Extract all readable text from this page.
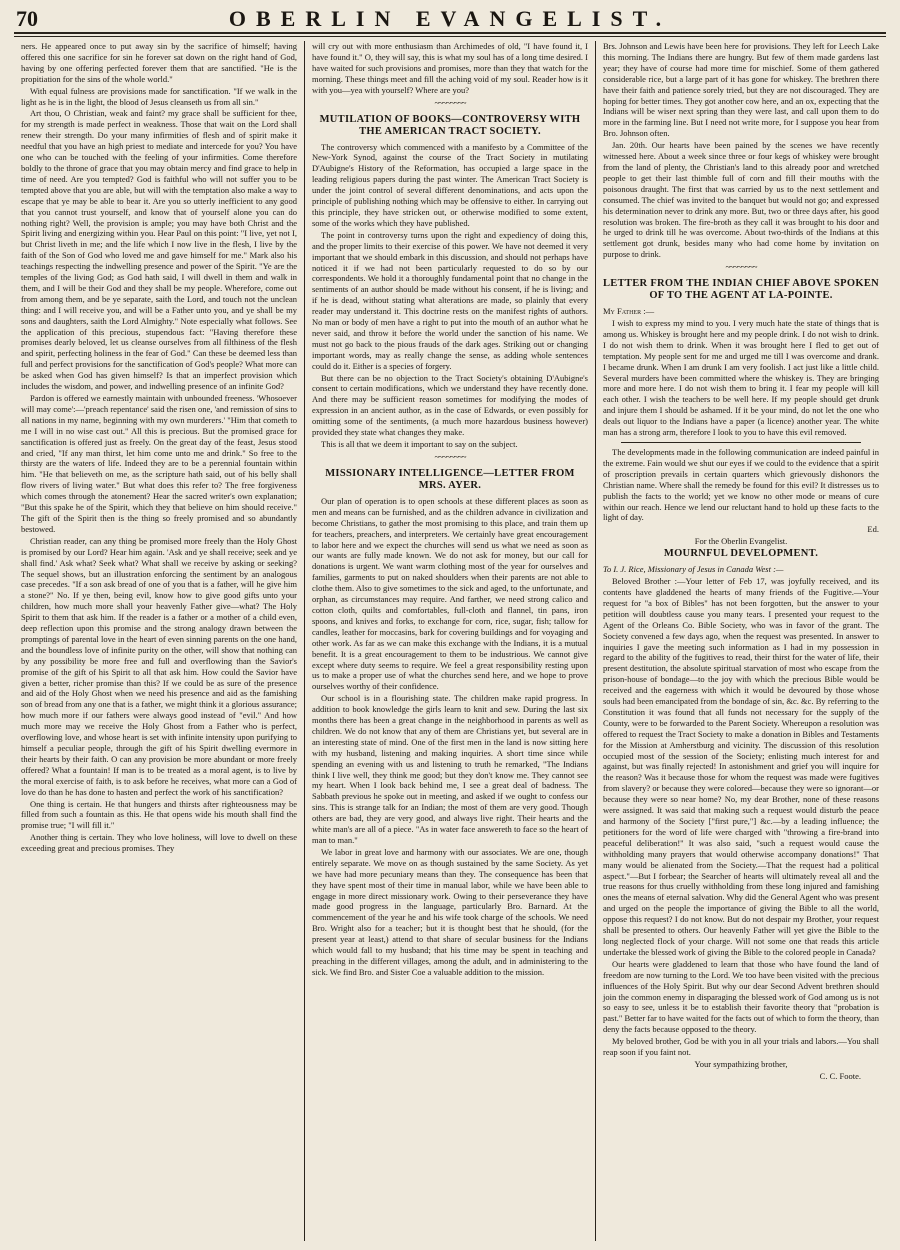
70	OBERLIN EVANGELIST.

ners. He appeared once to put away sin by the sacrifice of himself; having offered this one sacrifice for sin he forever sat down on the right hand of God, having by one offering perfected forever them that are sanctified. "He is the propitiation for the sins of the whole world."

With equal fulness are provisions made for sanctification. "If we walk in the light as he is in the light, the blood of Jesus cleanseth us from all sin."

Art thou, O Christian, weak and faint? my grace shall be sufficient for thee, for my strength is made perfect in weakness. Those that wait on the Lord shall renew their strength. Do your many infirmities of flesh and of spirit make it needful that you have an high priest to mediate and intercede for you? You have one who can be touched with the feeling of your infirmities. Come therefore boldly to the throne of grace that you may obtain mercy and find grace to help in time of need. Are you tempted? God is faithful who will not suffer you to be tempted above that you are able, but will with the temptation also make a way to escape that ye may be able to bear it. Are you so utterly inefficient to any good that you cannot trust yourself, and know that of yourself alone you can do nothing right? Well, the provision is ample; you may have both Christ and the Spirit living and energizing within you. Hear Paul on this point: "I live, yet not I, but Christ liveth in me; and the life which I now live in the flesh, I live by the faith of the Son of God who loved me and gave himself for me." Mark also his teachings respecting the indwelling presence and power of the Spirit. "Ye are the temples of the living God; as God hath said, I will dwell in them and walk in them, and I will be their God and they shall be my people. Wherefore, come out from among them, and be ye separate, saith the Lord, and touch not the unclean thing: and I will receive you, and will be a Father unto you, and ye shall be my sons and daughters, saith the Lord Almighty." Note especially what follows. See the application of this precious, stupendous fact: "Having therefore these promises dearly beloved, let us cleanse ourselves from all filthiness of the flesh and spirit, perfecting holiness in the fear of God." Can these be deemed less than full and perfect provisions for the sanctification of God's people? What more can be asked when God has given himself? Is that an imperfect provision which includes the wisdom, and power, and indwelling presence of an infinite God?

Pardon is offered we earnestly maintain with unbounded freeness. 'Whosoever will may come':—'preach repentance' said the risen one, 'and remission of sins to all nations in my name, beginning with my own murderers.' "Him that cometh to me I will in no wise cast out." All this is precious. But the promised grace for sanctification is offered just as freely. On the great day of the feast, Jesus stood and cried, "If any man thirst, let him come unto me and drink." So free to the thirsty are the waters of life. Indeed they are to be a perennial fountain within him. "He that believeth on me, as the scripture hath said, out of his belly shall flow rivers of living water." But what does this refer to? The free forgiveness which comes through the atonement? Hear the sacred writer's own explanation; "But this spake he of the Spirit, which they that believe on him should receive." The gift of the Spirit then is the thing so freely promised and so abundantly bestowed.

Christian reader, can any thing be promised more freely than the Holy Ghost is promised by our Lord? Hear him again. 'Ask and ye shall receive; seek and ye shall find.' Ask what? Seek what? What shall we receive by asking or seeking? The sequel shows, but an illustration enforcing the sentiment by an analogous case precedes. "If a son ask bread of one of you that is a father, will he give him a stone?" No. If ye then, being evil, know how to give good gifts unto your children, how much more shall your heavenly Father give—what? The Holy Spirit to them that ask him. If the reader is a father or a mother of a child even, deep reflection upon this promise and the strong analogy drawn between the promptings of parental love in the heart of even sinning parents on the one hand, and the boundless love of infinite purity on the other, will show that nothing can by any possibility be more free and full and overflowing than the Savior's promise of the gift of his Spirit to all that ask him. How could the Savior have given a better, richer promise than this? If we could be as sure of the presence and aid of the Holy Ghost when we need his presence and aid as the famishing son of bread from any one that is a father, we might think it a glorious assurance; how much more if our fathers were always good instead of "evil." And how much more may we receive the Holy Ghost from a Father who is perfect, overflowing love, and whose heart is set with infinite intensity upon purifying to himself a peculiar people, through the gift of his Spirit dwelling evermore in their hearts by their faith. O can any provision be more abundant or more freely offered? What a fountain! If man is to be treated as a moral agent, is to live by the moral exercise of faith, is to ask before he receives, what more can a God of love do than he has done to hasten and perfect the work of his sanctification?

One thing is certain. He that hungers and thirsts after righteousness may be filled from such a fountain as this. He that opens wide his mouth shall find the promise true; "I will fill it."

Another thing is certain. They who love holiness, will love to dwell on these exceeding great and precious promises. They

will cry out with more enthusiasm than Archimedes of old, "I have found it, I have found it." O, they will say, this is what my soul has of a long time desired. I have waited for such provisions and promises, more than they that watch for the morning. These things meet and fill the aching void of my soul. Reader how is it with you—yea with yourself? Where are you?

~~~~~~~~
MUTILATION OF BOOKS—CONTROVERSY WITH THE AMERICAN TRACT SOCIETY.

The controversy which commenced with a manifesto by a Committee of the New-York Synod, against the course of the Tract Society in mutilating D'Aubigne's History of the Reformation, has occupied a large space in the leading religious papers during the past winter. The American Tract Society is under the joint control of several different denominations, and acts upon the principle of publishing nothing which may be offensive to either. In carrying out this principle, they have stricken out, or otherwise modified to some extent, some of the works which they have published.

The point in controversy turns upon the right and expediency of doing this, and the proper limits to their exercise of this power. We have not deemed it very important that we should embark in this discussion, and should not perhaps have noticed it if we had not been particularly requested to do so by our correspondents. We hold it a thoroughly fundamental point that no change in the sentiments of an author should be made without his consent, if he is living; and if he is dead, without stating what alterations are made, so plainly that every reader may understand it. This doctrine rests on the manifest rights of authors. No man or body of men have a right to put into the mouth of an author what he never said, and throw it before the world under the sanction of his name. We must not go back to the pious frauds of the dark ages. Striking out or changing important words, may as really change the sense, as adding whole sentences could do it. Either is a species of forgery.

But there can be no objection to the Tract Society's obtaining D'Aubigne's consent to certain modifications, which we understand they have recently done. And there may be sufficient reason sometimes for modifying the modes of expression in an ancient author, as in the case of Edwards, or even possibly for omitting some of the sentiments, (a much more hazardous business however) provided they state what changes they make.

This is all that we deem it important to say on the subject.

~~~~~~~~
MISSIONARY INTELLIGENCE—LETTER FROM MRS. AYER.

Our plan of operation is to open schools at these different places as soon as men and means can be furnished, and as the children advance in civilization and become Christians, to gather the most promising to this place, and train them up for teachers, preachers, and interpreters. We certainly have great encouragement to labor here and we expect the churches will send us what we need as soon as our wants are fully made known. We do not ask for money, but our call for donations is urgent. We want warm clothing most of the year for ourselves and families, garments to put on naked shoulders when their parents are not able to clothe them. Also to give sometimes to the sick and aged, to the unfortunate, and orphan, as circumstances may require. And farther, we need strong calico and cotton cloth, quilts and comfortables, full-cloth and flannel, tin pans, iron spoons, and knives and forks, to exchange for corn, rice, sugar, fish; tallow for candles, leather for moccasins, bark for covering buildings and for voyaging and other work. As far as we can make this exchange with the Indians, it is a mutual benefit. It is a great encouragement to them to be industrious. We cannot give except where duty seems to require. We feel a great responsibility resting upon us to make a proper use of what the churches send here, and we hope to prove ourselves worthy of their confidence.

Our school is in a flourishing state. The children make rapid progress. In addition to book knowledge the girls learn to knit and sew. During the last six months there has been a great change in the neighborhood in parents as well as children. We do not know that any of them are Christians yet, but several are in an interesting state of mind. One of the first men in the land is now sitting here with my husband, listening and making inquiries. A short time since while spending an evening with us and listening to truth he remarked, "The Indians think I live well, they think me good; but they don't know me. They cannot see my heart. When I look back behind me, I see a great deal of badness. The Sabbath previous he spoke out in meeting, and asked if we ought to confess our sins. This is strange talk for an Indian; the most of them are very good. Though others are bad, they are very good, and always live right. Their hearts and the white man's are all of a piece. "As in water face answereth to face so the heart of man to man."

We labor in great love and harmony with our associates. We are one, though entirely separate. We move on as though sustained by the same Society. As yet we have had more pecuniary means than they. The consequence has been that they have spent most of their time in manual labor, while we have been able to engage in more direct missionary work. Owing to their perseverance they have made good progress in the language, particularly Bro. Barnard. At the commencement of the year he and his wife took charge of the schools. We need Bro. Wright also for a teacher; but it is thought best that he should, (for the present year at least,) attend to that share of secular business for the Indians which would fall to my husband; that his time may be spent in teaching and preaching in the different villages, among the adult, and in administering to the sick. We find Bro. and Sister Coe a valuable addition to the mission.

Brs. Johnson and Lewis have been here for provisions. They left for Leech Lake this morning. The Indians there are hungry. But few of them made gardens last year; they have of course had more time for mischief. Some of them gathered considerable rice, but a large part of it has gone for whiskey. The brethren there have their faith and patience sorely tried, but they are not discouraged. They are hoping for better times. They got another cow here, and an ox, expecting that the Indians will be wiser next spring than they were last, and call upon them to do more in the farming line. But I need not write more, for I suppose you hear from Bro. Johnson often.

Jan. 20th. Our hearts have been pained by the scenes we have recently witnessed here. About a week since three or four kegs of whiskey were brought from the land of plenty, the Christian's land to this already poor and wretched people to get their last thimble full of corn and fill their mouths with the poisonous draught. The first that was carried by us to the next settlement and consumed. The chief was invited to the banquet but would not go; and expressed his determination never to drink any more. But, two or three days after, his good resolution was broken. The fire-broth as they call it was brought to his door and he urged to drink till he was overcome. About two-thirds of the Indians at this settlement got drunk, besides many who had come home by invitation on purpose to drink.

~~~~~~~~
LETTER FROM THE INDIAN CHIEF ABOVE SPOKEN OF TO THE AGENT AT LA-POINTE.

My Father :—

I wish to express my mind to you. I very much hate the state of things that is among us. Whiskey is brought here and my people drink. I do not wish to drink. I do not wish them to drink. When it was brought here I fled to get out of temptation. My people sent for me and urged me till I was overcome and drank. I became drunk. When I am drunk I am very foolish. I act just like a little child. Several murders have been committed where the whiskey is. They are bringing more and more here. I do not wish them to bring it. I fear my people will kill each other. I wish the teachers to be well here. If my people should get drunk and injure them I should be ashamed. If it be your mind, do not let the one who deals out liquor to the Indians have a paper (a licence) another year. The white man has a strong arm, therefore I look to you to have this evil removed.

The developments made in the following communication are indeed painful in the extreme. Fain would we shut our eyes if we could to the evidence that a spirit of proscription prevails in certain quarters which grievously dishonors the Christian name. Where shall the remedy be found for this evil? It distresses us to publish the facts to the world; yet we know no other mode or means of cure within our reach. Hence we lend our reluctant hand to hold up these facts to the light of day.

Ed.

For the Oberlin Evangelist.

MOURNFUL DEVELOPMENT.

To I. J. Rice, Missionary of Jesus in Canada West :—

Beloved Brother :—Your letter of Feb 17, was joyfully received, and its contents have gladdened the hearts of many friends of the Fugitive.—Your request for "a box of Bibles" has not been forgotten, but the answer to your petition will doubtless cause you many tears. I presented your request to the Agent of the Orleans Co. Bible Society, who was in favor of the grant. The Society convened a few days ago, when the request was presented. In answer to inquiries I gave the meeting such information as I had in my possession in regard to the ability of the fugitives to read, their thirst for the water of life, their present destitution, the absolute spiritual starvation of most who escape from the prison-house of bondage—to the joy with which the precious Bible would be received and the eagerness with which it would be devoured by those whose souls had been emancipated from the bondage of sin, &c. &c. By referring to the Constitution it was found that all funds not necessary for the supply of the County, were to be forwarded to the Parent Society. Whereupon a resolution was offered to request the Tract Society to make a donation in Bibles and Testaments for the Mission at Amherstburg and vicinity. The discussion of this resolution occupied most of the session of the Society; enlisting much interest for and against, but was finally rejected! In astonishment and grief you will inquire for the reason? Was it because those for whom the request was made were fugitives from slavery? or because they were colored—because they were so ignorant—or because they were so near home? No, my dear Brother, none of these reasons were assigned. It was said that making such a request would disturb the peace and harmony of the Society ["first pure,"] &c.—by a leading influence; the petitioners for the word of life were charged with "throwing a fire-brand into peaceful deliberation!" It was also said, "such a request would cause the withholding many prayers that would otherwise accompany donations!" That many would be alienated from the Society.—That the request had a political aspect."—But I forbear; the Searcher of hearts will ultimately reveal all and the true reasons for thus cruelly withholding from these long injured and famishing ones the means of eternal salvation. Why did the General Agent who was present and urged on the people the importance of giving the Bible to all the world, oppose this request? I do not know. But do not despair my Brother, your request shall be presented to others. Our heavenly Father will yet give the Bible to the long neglected flock of your charge. Will not some one that reads this article undertake the blessed work of giving the Bible to the colored people in Canada?

Our hearts were gladdened to learn that those who have found the land of freedom are now turning to the Lord. We too have been visited with the precious influences of the Holy Spirit. But why our dear Second Advent brethren should join the common enemy in disparaging the blessed work of God among us is not so easy to see, unless it be to establish their favorite theory that "probation is past." Better far to have waited for the facts out of which to form the theory, than deny the facts because opposed to the theory.

My beloved brother, God be with you in all your trials and labors.—You shall reap soon if you faint not.

Your sympathizing brother,

C. C. Foote.
